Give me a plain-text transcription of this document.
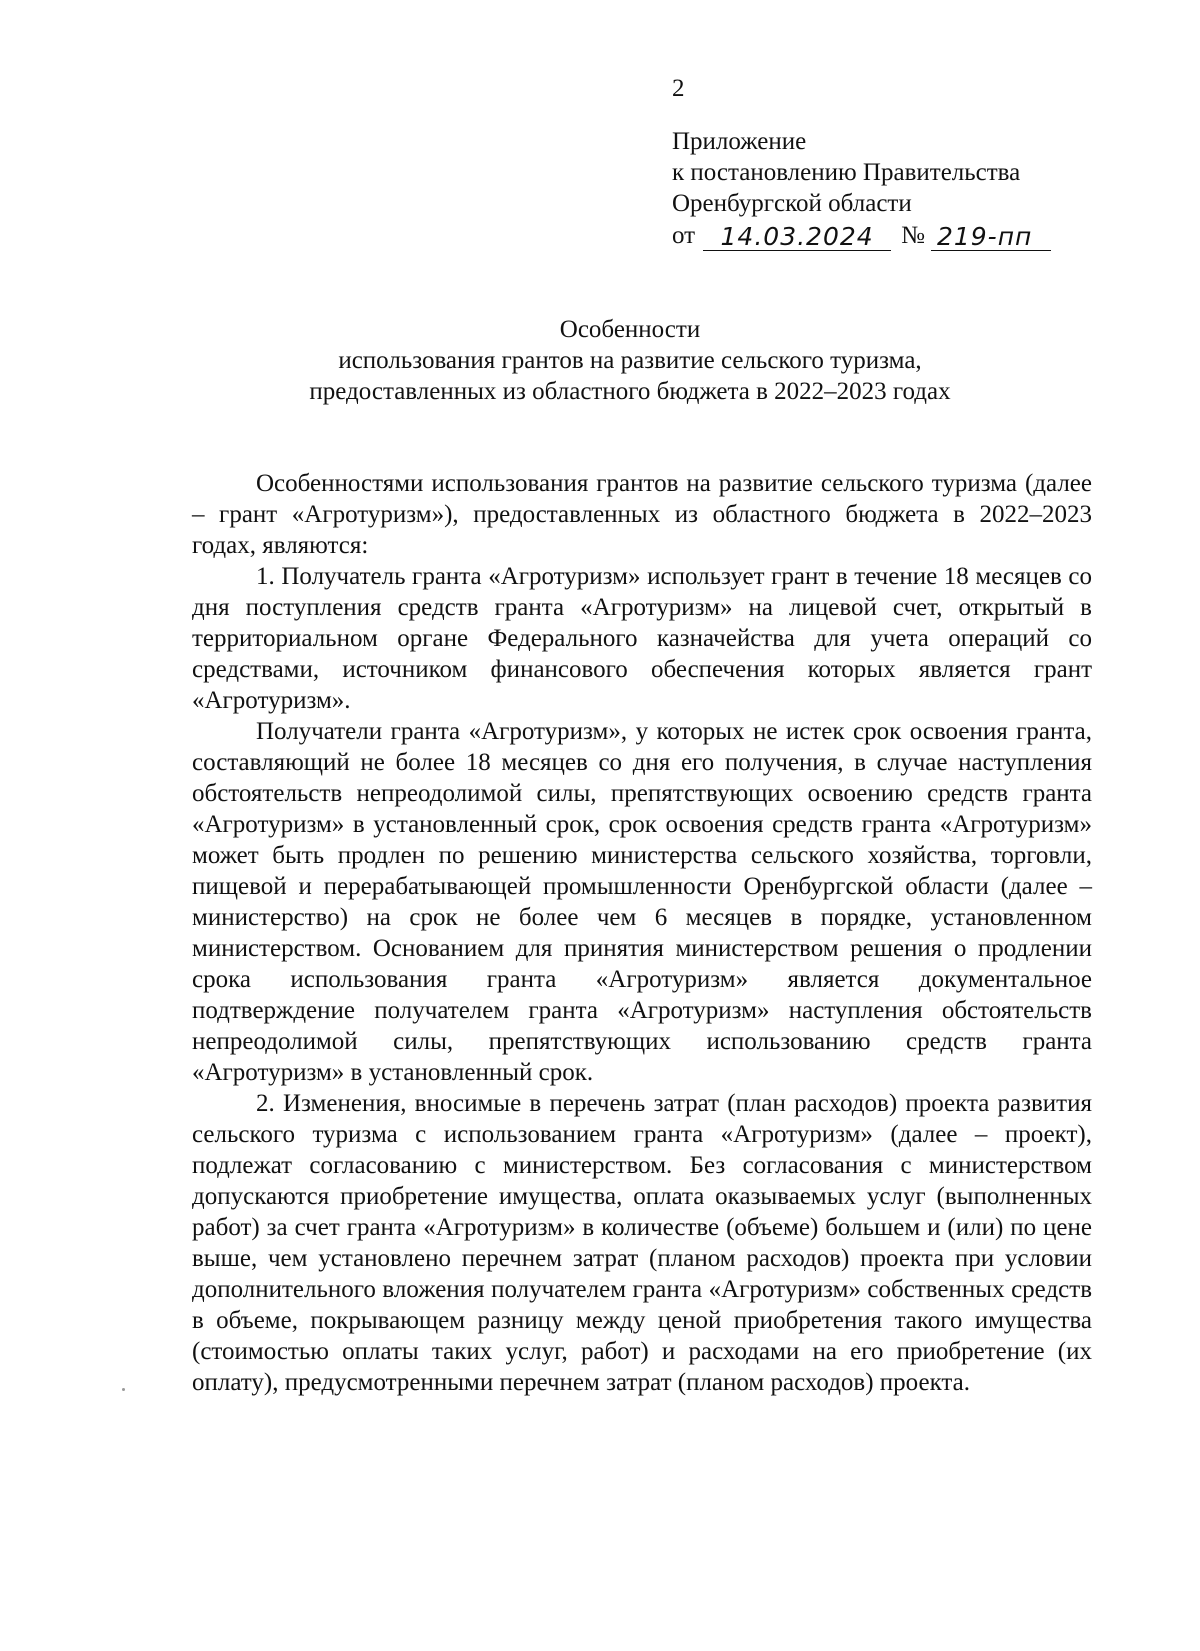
2
Приложение
к постановлению Правительства
Оренбургской области
от	14.03.2024	№ 219-пп
Особенности
использования грантов на развитие сельского туризма,
предоставленных из областного бюджета в 2022–2023 годах

Особенностями использования грантов на развитие сельского туризма (далее – грант «Агротуризм»), предоставленных из областного бюджета в 2022–2023 годах, являются:

1. Получатель гранта «Агротуризм» использует грант в течение 18 месяцев со дня поступления средств гранта «Агротуризм» на лицевой счет, открытый в территориальном органе Федерального казначейства для учета операций со средствами, источником финансового обеспечения которых является грант «Агротуризм».

Получатели гранта «Агротуризм», у которых не истек срок освоения гранта, составляющий не более 18 месяцев со дня его получения, в случае наступления обстоятельств непреодолимой силы, препятствующих освоению средств гранта «Агротуризм» в установленный срок, срок освоения средств гранта «Агротуризм» может быть продлен по решению министерства сельского хозяйства, торговли, пищевой и перерабатывающей промышленности Оренбургской области (далее – министерство) на срок не более чем 6 месяцев в порядке, установленном министерством. Основанием для принятия министерством решения о продлении срока использования гранта «Агротуризм» является документальное подтверждение получателем гранта «Агротуризм» наступления обстоятельств непреодолимой силы, препятствующих использованию средств гранта «Агротуризм» в установленный срок.

2. Изменения, вносимые в перечень затрат (план расходов) проекта развития сельского туризма с использованием гранта «Агротуризм» (далее – проект), подлежат согласованию с министерством. Без согласования с министерством допускаются приобретение имущества, оплата оказываемых услуг (выполненных работ) за счет гранта «Агротуризм» в количестве (объеме) большем и (или) по цене выше, чем установлено перечнем затрат (планом расходов) проекта при условии дополнительного вложения получателем гранта «Агротуризм» собственных средств в объеме, покрывающем разницу между ценой приобретения такого имущества (стоимостью оплаты таких услуг, работ) и расходами на его приобретение (их оплату), предусмотренными перечнем затрат (планом расходов) проекта.
